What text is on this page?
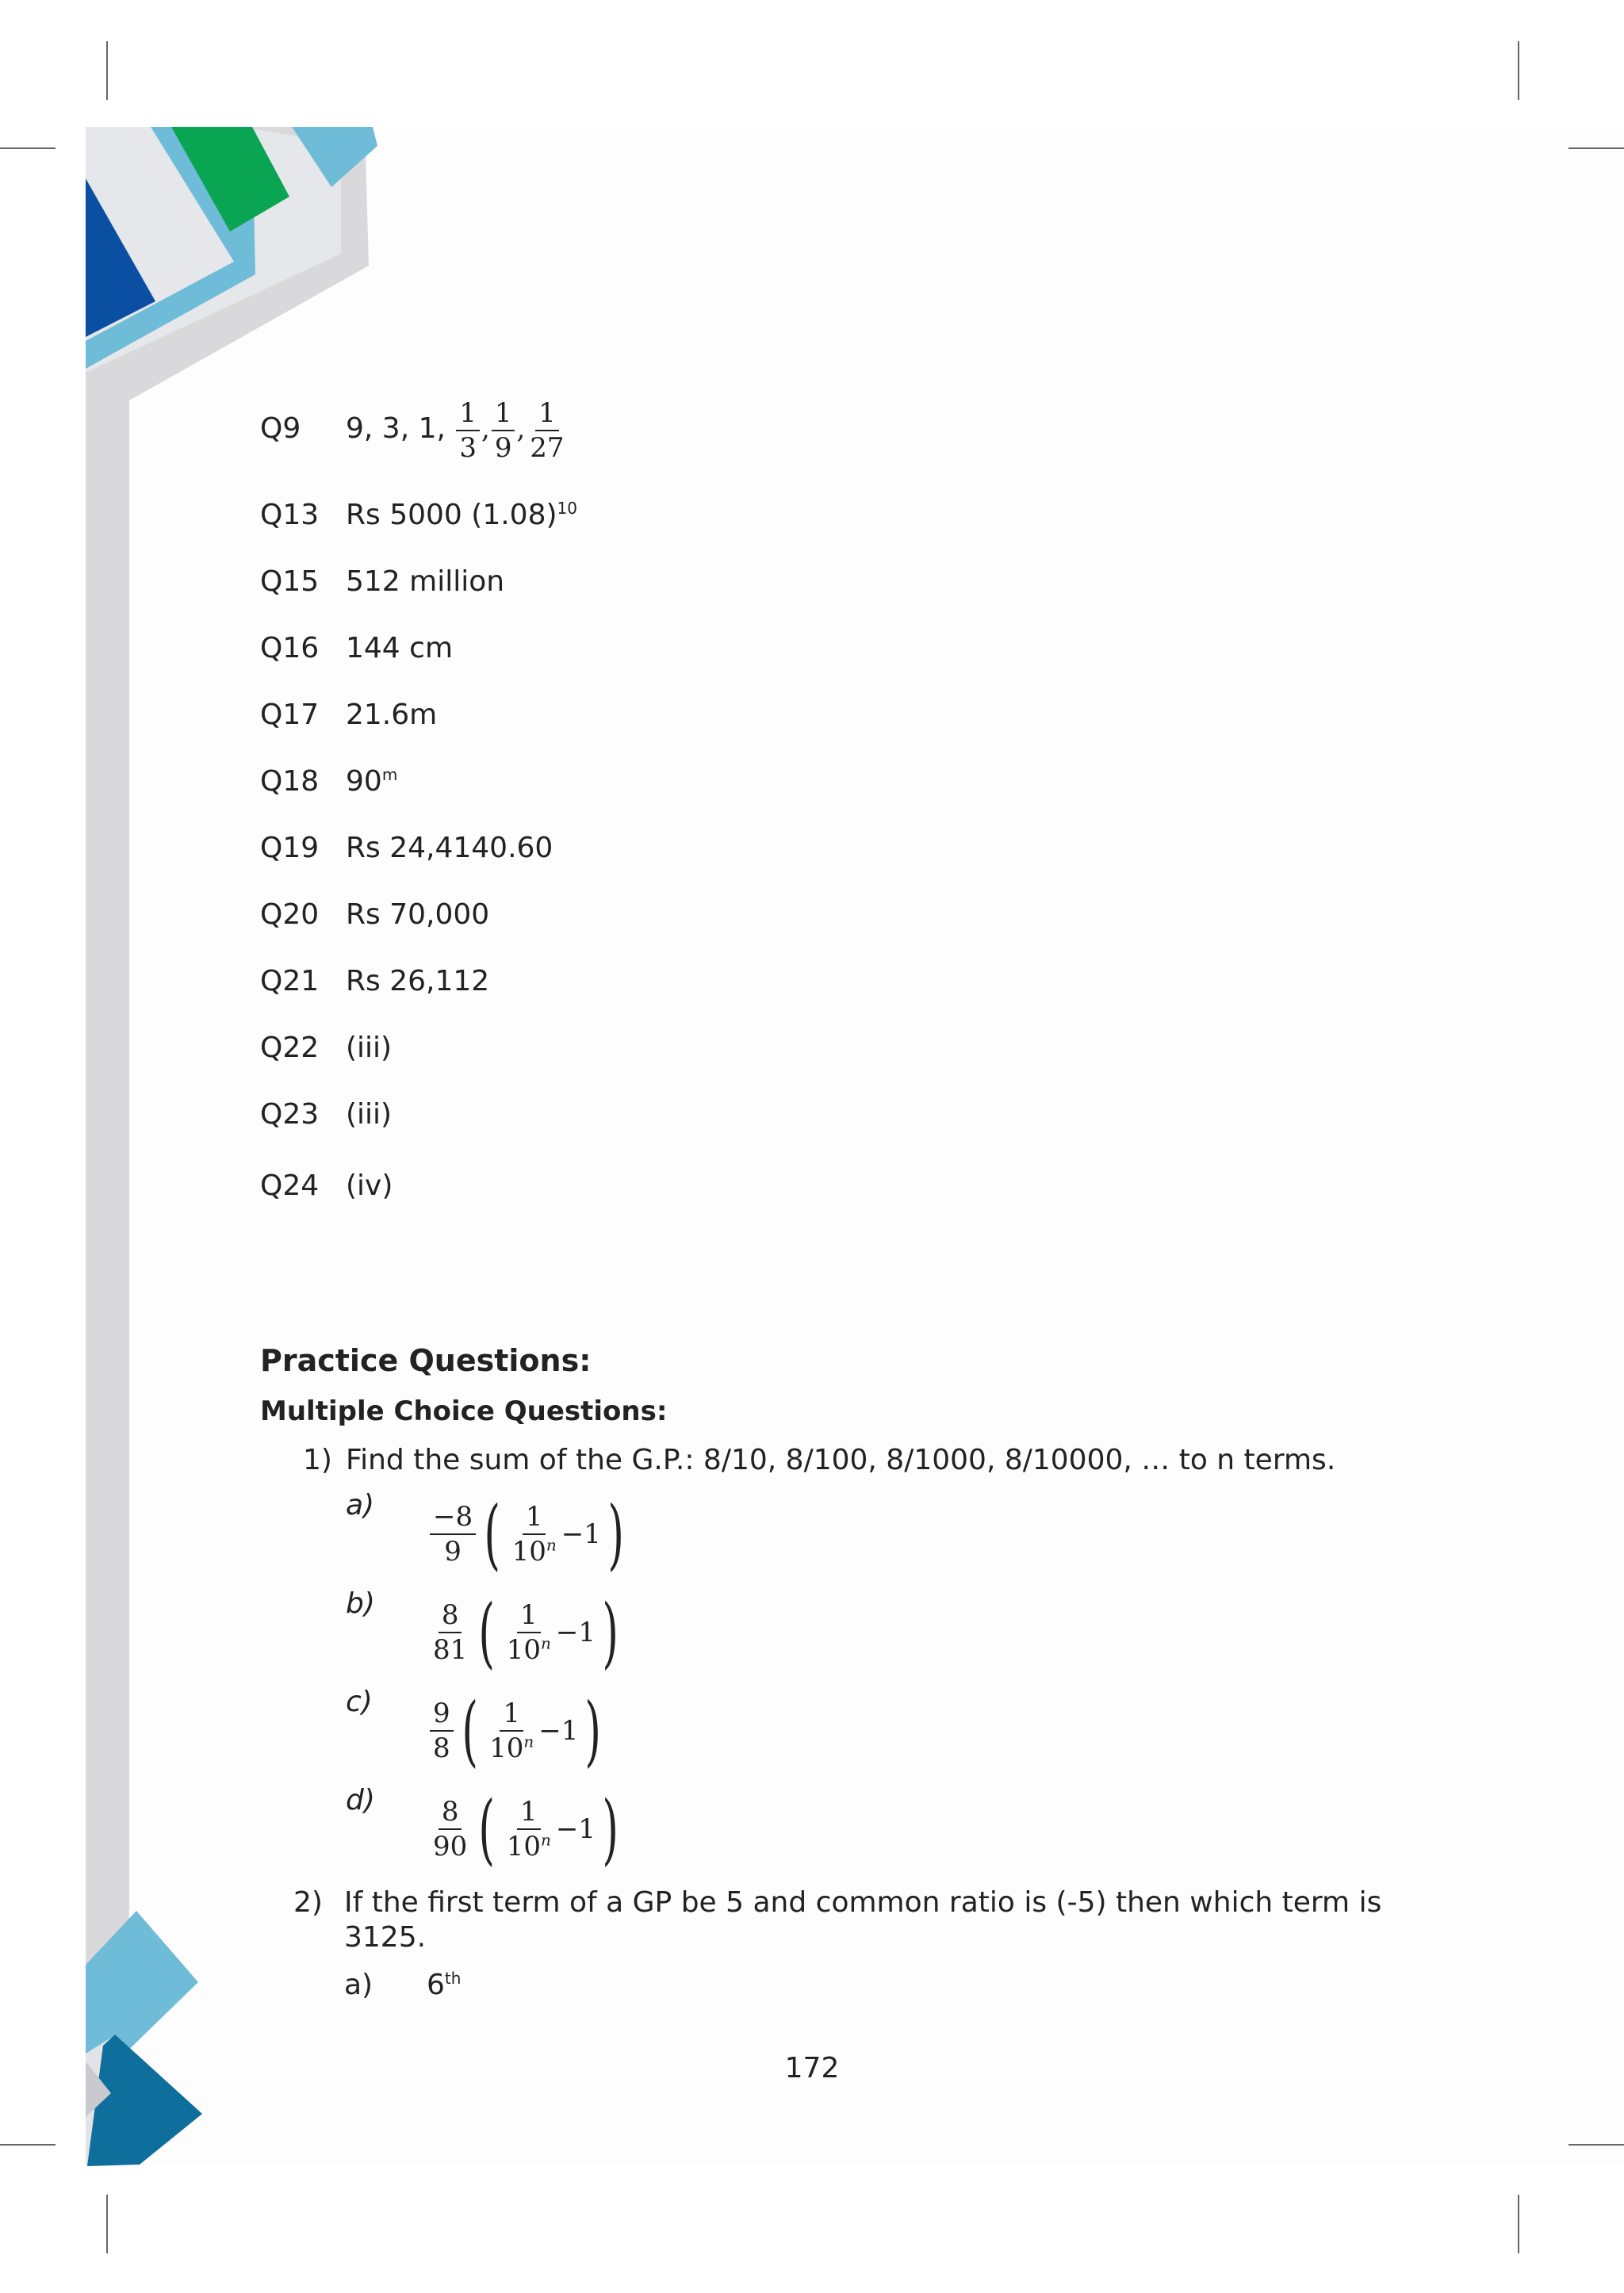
Q9 9, 3, 1, $\frac{1}{3}$ , $\frac{1}{9}$ , $\frac{1}{27}$
Q13 Rs 5000 $(1.08)^{10}$
Q15 512 million
Q16 144 cm
Q17 21.6m
Q18 90$^m$
Q19 Rs 24,4140.60
Q20 Rs 70,000
Q21 Rs 26,112
Q22 (iii)
Q23 (iii)
Q24 (iv)
Practice Questions:
Multiple Choice Questions:
1) Find the sum of the G.P.: 8/10, 8/100, 8/1000, 8/10000, … to n terms.
$a) \frac{-8}{9}$ ( $\frac{1}{10^n} -1$ )
$b) \frac{8}{81}$ ( $\frac{1}{10^n} -1$ )
$c) \frac{9}{8}$ ( $\frac{1}{10^n} -1$ )
$d) \frac{8}{90}$ ( $\frac{1}{10^n} -1$ )
2) If the first term of a GP be 5 and common ratio is (-5) then which term is
3125.
a) 6th
172
